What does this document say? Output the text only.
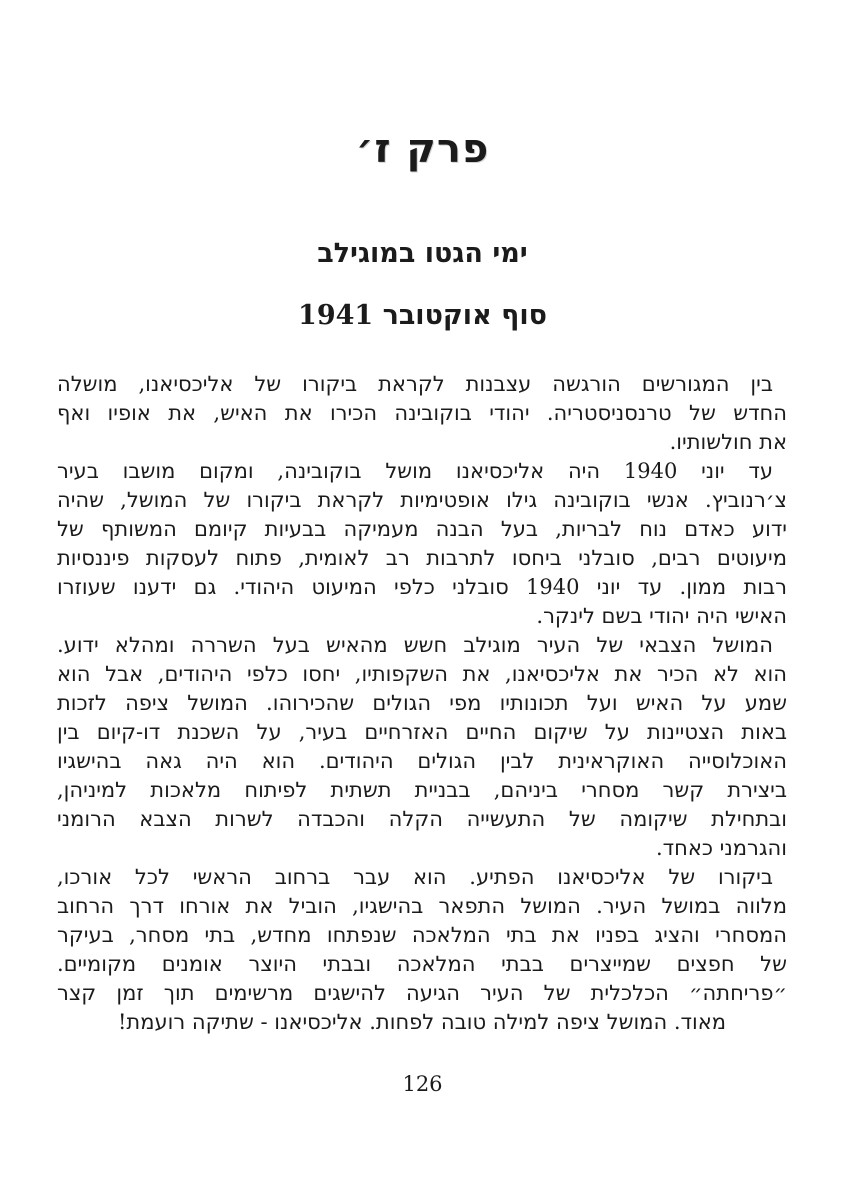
פרק ז׳
ימי הגטו במוגילב
סוף אוקטובר 1941
בין המגורשים הורגשה עצבנות לקראת ביקורו של אליכסיאנו, מושלה
החדש של טרנסניסטריה. יהודי בוקובינה הכירו את האיש, את אופיו ואף
את חולשותיו.
עד יוני 1940 היה אליכסיאנו מושל בוקובינה, ומקום מושבו בעיר
צ׳רנוביץ. אנשי בוקובינה גילו אופטימיות לקראת ביקורו של המושל, שהיה
ידוע כאדם נוח לבריות, בעל הבנה מעמיקה בבעיות קיומם המשותף של
מיעוטים רבים, סובלני ביחסו לתרבות רב לאומית, פתוח לעסקות פיננסיות
רבות ממון. עד יוני 1940 סובלני כלפי המיעוט היהודי. גם ידענו שעוזרו
האישי היה יהודי בשם לינקר.
המושל הצבאי של העיר מוגילב חשש מהאיש בעל השררה ומהלא ידוע.
הוא לא הכיר את אליכסיאנו, את השקפותיו, יחסו כלפי היהודים, אבל הוא
שמע על האיש ועל תכונותיו מפי הגולים שהכירוהו. המושל ציפה לזכות
באות הצטיינות על שיקום החיים האזרחיים בעיר, על השכנת דו-קיום בין
האוכלוסייה האוקראינית לבין הגולים היהודים. הוא היה גאה בהישגיו
ביצירת קשר מסחרי ביניהם, בבניית תשתית לפיתוח מלאכות למיניהן,
ובתחילת שיקומה של התעשייה הקלה והכבדה לשרות הצבא הרומני
והגרמני כאחד.
ביקורו של אליכסיאנו הפתיע. הוא עבר ברחוב הראשי לכל אורכו,
מלווה במושל העיר. המושל התפאר בהישגיו, הוביל את אורחו דרך הרחוב
המסחרי והציג בפניו את בתי המלאכה שנפתחו מחדש, בתי מסחר, בעיקר
של חפצים שמייצרים בבתי המלאכה ובבתי היוצר אומנים מקומיים.
״פריחתה״ הכלכלית של העיר הגיעה להישגים מרשימים תוך זמן קצר
מאוד. המושל ציפה למילה טובה לפחות. אליכסיאנו - שתיקה רועמת!
126
